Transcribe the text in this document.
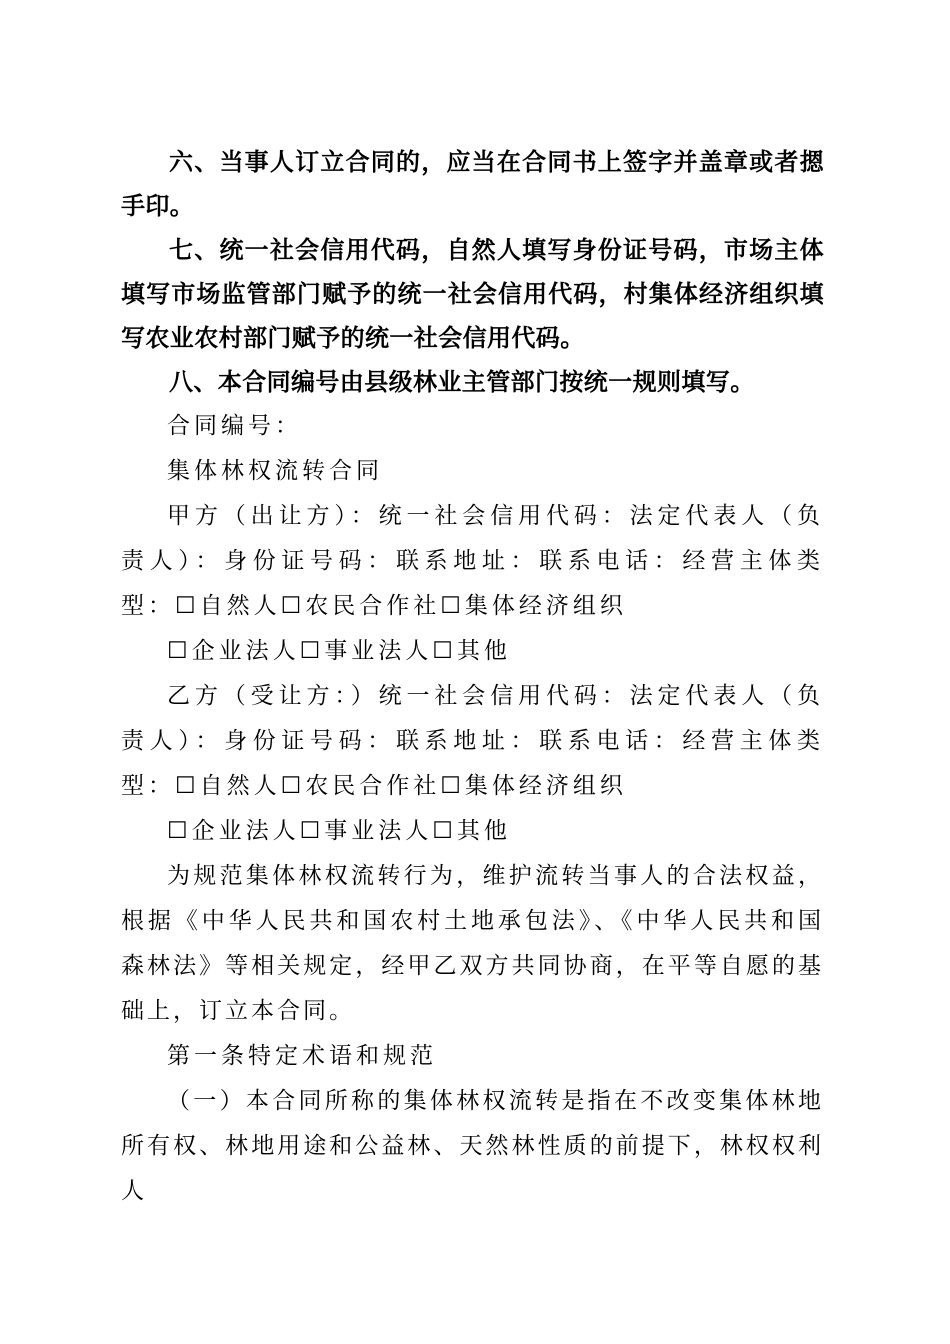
六、当事人订立合同的，应当在合同书上签字并盖章或者摁手印。

七、统一社会信用代码，自然人填写身份证号码，市场主体填写市场监管部门赋予的统一社会信用代码，村集体经济组织填写农业农村部门赋予的统一社会信用代码。

八、本合同编号由县级林业主管部门按统一规则填写。

合同编号：

集体林权流转合同

甲方（出让方）：统一社会信用代码：法定代表人（负责人）：身份证号码：联系地址：联系电话：经营主体类型：☐自然人☐农民合作社☐集体经济组织

☐企业法人☐事业法人☐其他

乙方（受让方：）统一社会信用代码：法定代表人（负责人）：身份证号码：联系地址：联系电话：经营主体类型：☐自然人☐农民合作社☐集体经济组织

☐企业法人☐事业法人☐其他

为规范集体林权流转行为，维护流转当事人的合法权益，根据《中华人民共和国农村土地承包法》、《中华人民共和国森林法》等相关规定，经甲乙双方共同协商，在平等自愿的基础上，订立本合同。

第一条特定术语和规范

（一）本合同所称的集体林权流转是指在不改变集体林地所有权、林地用途和公益林、天然林性质的前提下，林权权利人
